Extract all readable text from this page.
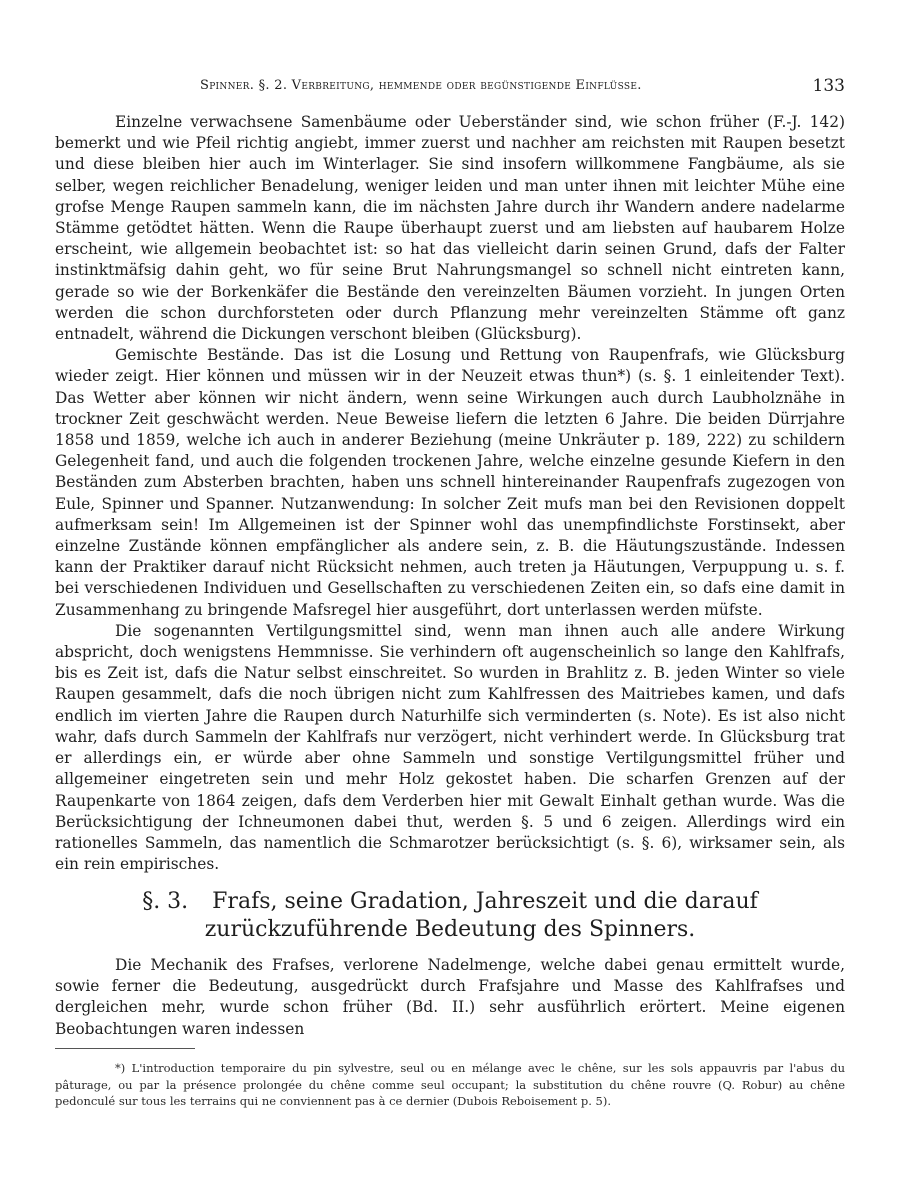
Spinner. §. 2. Verbreitung, hemmende oder begünstigende Einflüsse.	133

Einzelne verwachsene Samenbäume oder Ueberständer sind, wie schon früher (F.-J. 142) bemerkt und wie Pfeil richtig angiebt, immer zuerst und nachher am reichsten mit Raupen besetzt und diese bleiben hier auch im Winterlager. Sie sind insofern willkommene Fangbäume, als sie selber, wegen reichlicher Benadelung, weniger leiden und man unter ihnen mit leichter Mühe eine grofse Menge Raupen sammeln kann, die im nächsten Jahre durch ihr Wandern andere nadelarme Stämme getödtet hätten. Wenn die Raupe überhaupt zuerst und am liebsten auf haubarem Holze erscheint, wie allgemein beobachtet ist: so hat das vielleicht darin seinen Grund, dafs der Falter instinktmäfsig dahin geht, wo für seine Brut Nahrungsmangel so schnell nicht eintreten kann, gerade so wie der Borkenkäfer die Bestände den vereinzelten Bäumen vorzieht. In jungen Orten werden die schon durchforsteten oder durch Pflanzung mehr vereinzelten Stämme oft ganz entnadelt, während die Dickungen verschont bleiben (Glücksburg).

Gemischte Bestände. Das ist die Losung und Rettung von Raupenfrafs, wie Glücksburg wieder zeigt. Hier können und müssen wir in der Neuzeit etwas thun*) (s. §. 1 einleitender Text). Das Wetter aber können wir nicht ändern, wenn seine Wirkungen auch durch Laubholznähe in trockner Zeit geschwächt werden. Neue Beweise liefern die letzten 6 Jahre. Die beiden Dürrjahre 1858 und 1859, welche ich auch in anderer Beziehung (meine Unkräuter p. 189, 222) zu schildern Gelegenheit fand, und auch die folgenden trockenen Jahre, welche einzelne gesunde Kiefern in den Beständen zum Absterben brachten, haben uns schnell hintereinander Raupenfrafs zugezogen von Eule, Spinner und Spanner. Nutzanwendung: In solcher Zeit mufs man bei den Revisionen doppelt aufmerksam sein! Im Allgemeinen ist der Spinner wohl das unempfindlichste Forstinsekt, aber einzelne Zustände können empfänglicher als andere sein, z. B. die Häutungszustände. Indessen kann der Praktiker darauf nicht Rücksicht nehmen, auch treten ja Häutungen, Verpuppung u. s. f. bei verschiedenen Individuen und Gesellschaften zu verschiedenen Zeiten ein, so dafs eine damit in Zusammenhang zu bringende Mafsregel hier ausgeführt, dort unterlassen werden müfste.

Die sogenannten Vertilgungsmittel sind, wenn man ihnen auch alle andere Wirkung abspricht, doch wenigstens Hemmnisse. Sie verhindern oft augenscheinlich so lange den Kahlfrafs, bis es Zeit ist, dafs die Natur selbst einschreitet. So wurden in Brahlitz z. B. jeden Winter so viele Raupen gesammelt, dafs die noch übrigen nicht zum Kahlfressen des Maitriebes kamen, und dafs endlich im vierten Jahre die Raupen durch Naturhilfe sich verminderten (s. Note). Es ist also nicht wahr, dafs durch Sammeln der Kahlfrafs nur verzögert, nicht verhindert werde. In Glücksburg trat er allerdings ein, er würde aber ohne Sammeln und sonstige Vertilgungsmittel früher und allgemeiner eingetreten sein und mehr Holz gekostet haben. Die scharfen Grenzen auf der Raupenkarte von 1864 zeigen, dafs dem Verderben hier mit Gewalt Einhalt gethan wurde. Was die Berücksichtigung der Ichneumonen dabei thut, werden §. 5 und 6 zeigen. Allerdings wird ein rationelles Sammeln, das namentlich die Schmarotzer berücksichtigt (s. §. 6), wirksamer sein, als ein rein empirisches.

§. 3. Frafs, seine Gradation, Jahreszeit und die darauf zurückzuführende Bedeutung des Spinners.

Die Mechanik des Frafses, verlorene Nadelmenge, welche dabei genau ermittelt wurde, sowie ferner die Bedeutung, ausgedrückt durch Frafsjahre und Masse des Kahlfrafses und dergleichen mehr, wurde schon früher (Bd. II.) sehr ausführlich erörtert. Meine eigenen Beobachtungen waren indessen

*) L'introduction temporaire du pin sylvestre, seul ou en mélange avec le chêne, sur les sols appauvris par l'abus du pâturage, ou par la présence prolongée du chêne comme seul occupant; la substitution du chêne rouvre (Q. Robur) au chêne pedonculé sur tous les terrains qui ne conviennent pas à ce dernier (Dubois Reboisement p. 5).
